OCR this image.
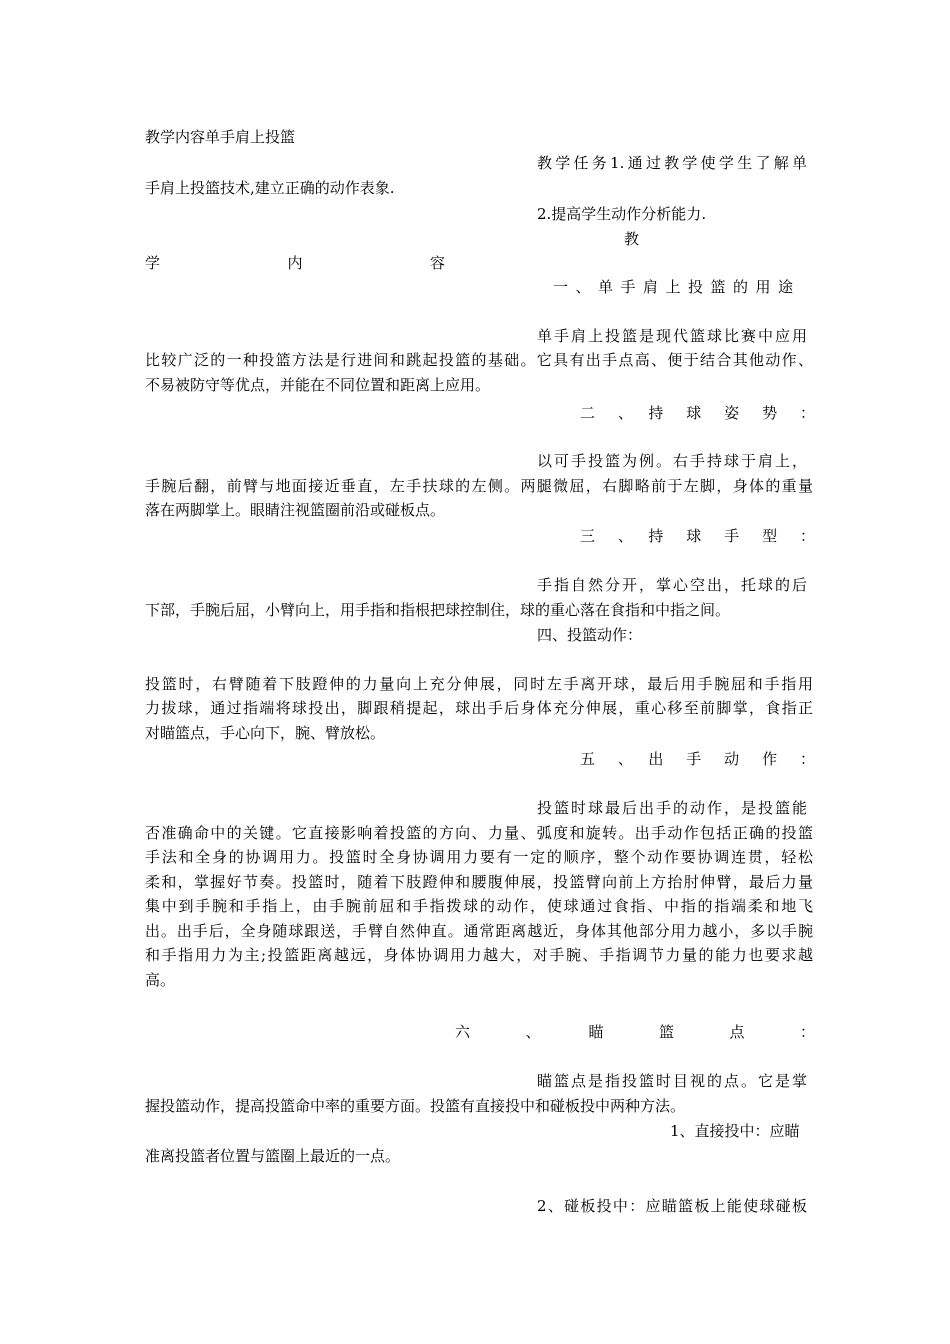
教学内容单手肩上投篮
教学任务1.通过教学使学生了解单
手肩上投篮技术,建立正确的动作表象.
2.提高学生动作分析能力.
教
学　　　　　　　内　　　　　　　容
一、单手肩上投篮的用途
单手肩上投篮是现代篮球比赛中应用
比较广泛的一种投篮方法是行进间和跳起投篮的基础。它具有出手点高、便于结合其他动作、
不易被防守等优点，并能在不同位置和距离上应用。
二　、　持　球　姿　势　：
以可手投篮为例。右手持球于肩上，
手腕后翻，前臂与地面接近垂直，左手扶球的左侧。两腿微屈，右脚略前于左脚，身体的重量
落在两脚掌上。眼睛注视篮圈前沿或碰板点。
三　、　持　球　手　型　：
手指自然分开，掌心空出，托球的后
下部，手腕后屈，小臂向上，用手指和指根把球控制住，球的重心落在食指和中指之间。
四、投篮动作：
投篮时，右臂随着下肢蹬伸的力量向上充分伸展，同时左手离开球，最后用手腕屈和手指用
力拔球，通过指端将球投出，脚跟稍提起，球出手后身体充分伸展，重心移至前脚掌，食指正
对瞄篮点，手心向下，腕、臂放松。
五　、　出　手　动　作　：
投篮时球最后出手的动作，是投篮能
否准确命中的关键。它直接影响着投篮的方向、力量、弧度和旋转。出手动作包括正确的投篮
手法和全身的协调用力。投篮时全身协调用力要有一定的顺序，整个动作要协调连贯，轻松
柔和，掌握好节奏。投篮时，随着下肢蹬伸和腰腹伸展，投篮臂向前上方抬肘伸臂，最后力量
集中到手腕和手指上，由手腕前屈和手指拨球的动作，使球通过食指、中指的指端柔和地飞
出。出手后，全身随球跟送，手臂自然伸直。通常距离越近，身体其他部分用力越小，多以手腕
和手指用力为主;投篮距离越远，身体协调用力越大，对手腕、手指调节力量的能力也要求越
高。
六　　、　　瞄　　篮　　点　　：
瞄篮点是指投篮时目视的点。它是掌
握投篮动作，提高投篮命中率的重要方面。投篮有直接投中和碰板投中两种方法。
1、直接投中：应瞄
准离投篮者位置与篮圈上最近的一点。
2、碰板投中：应瞄篮板上能使球碰板
